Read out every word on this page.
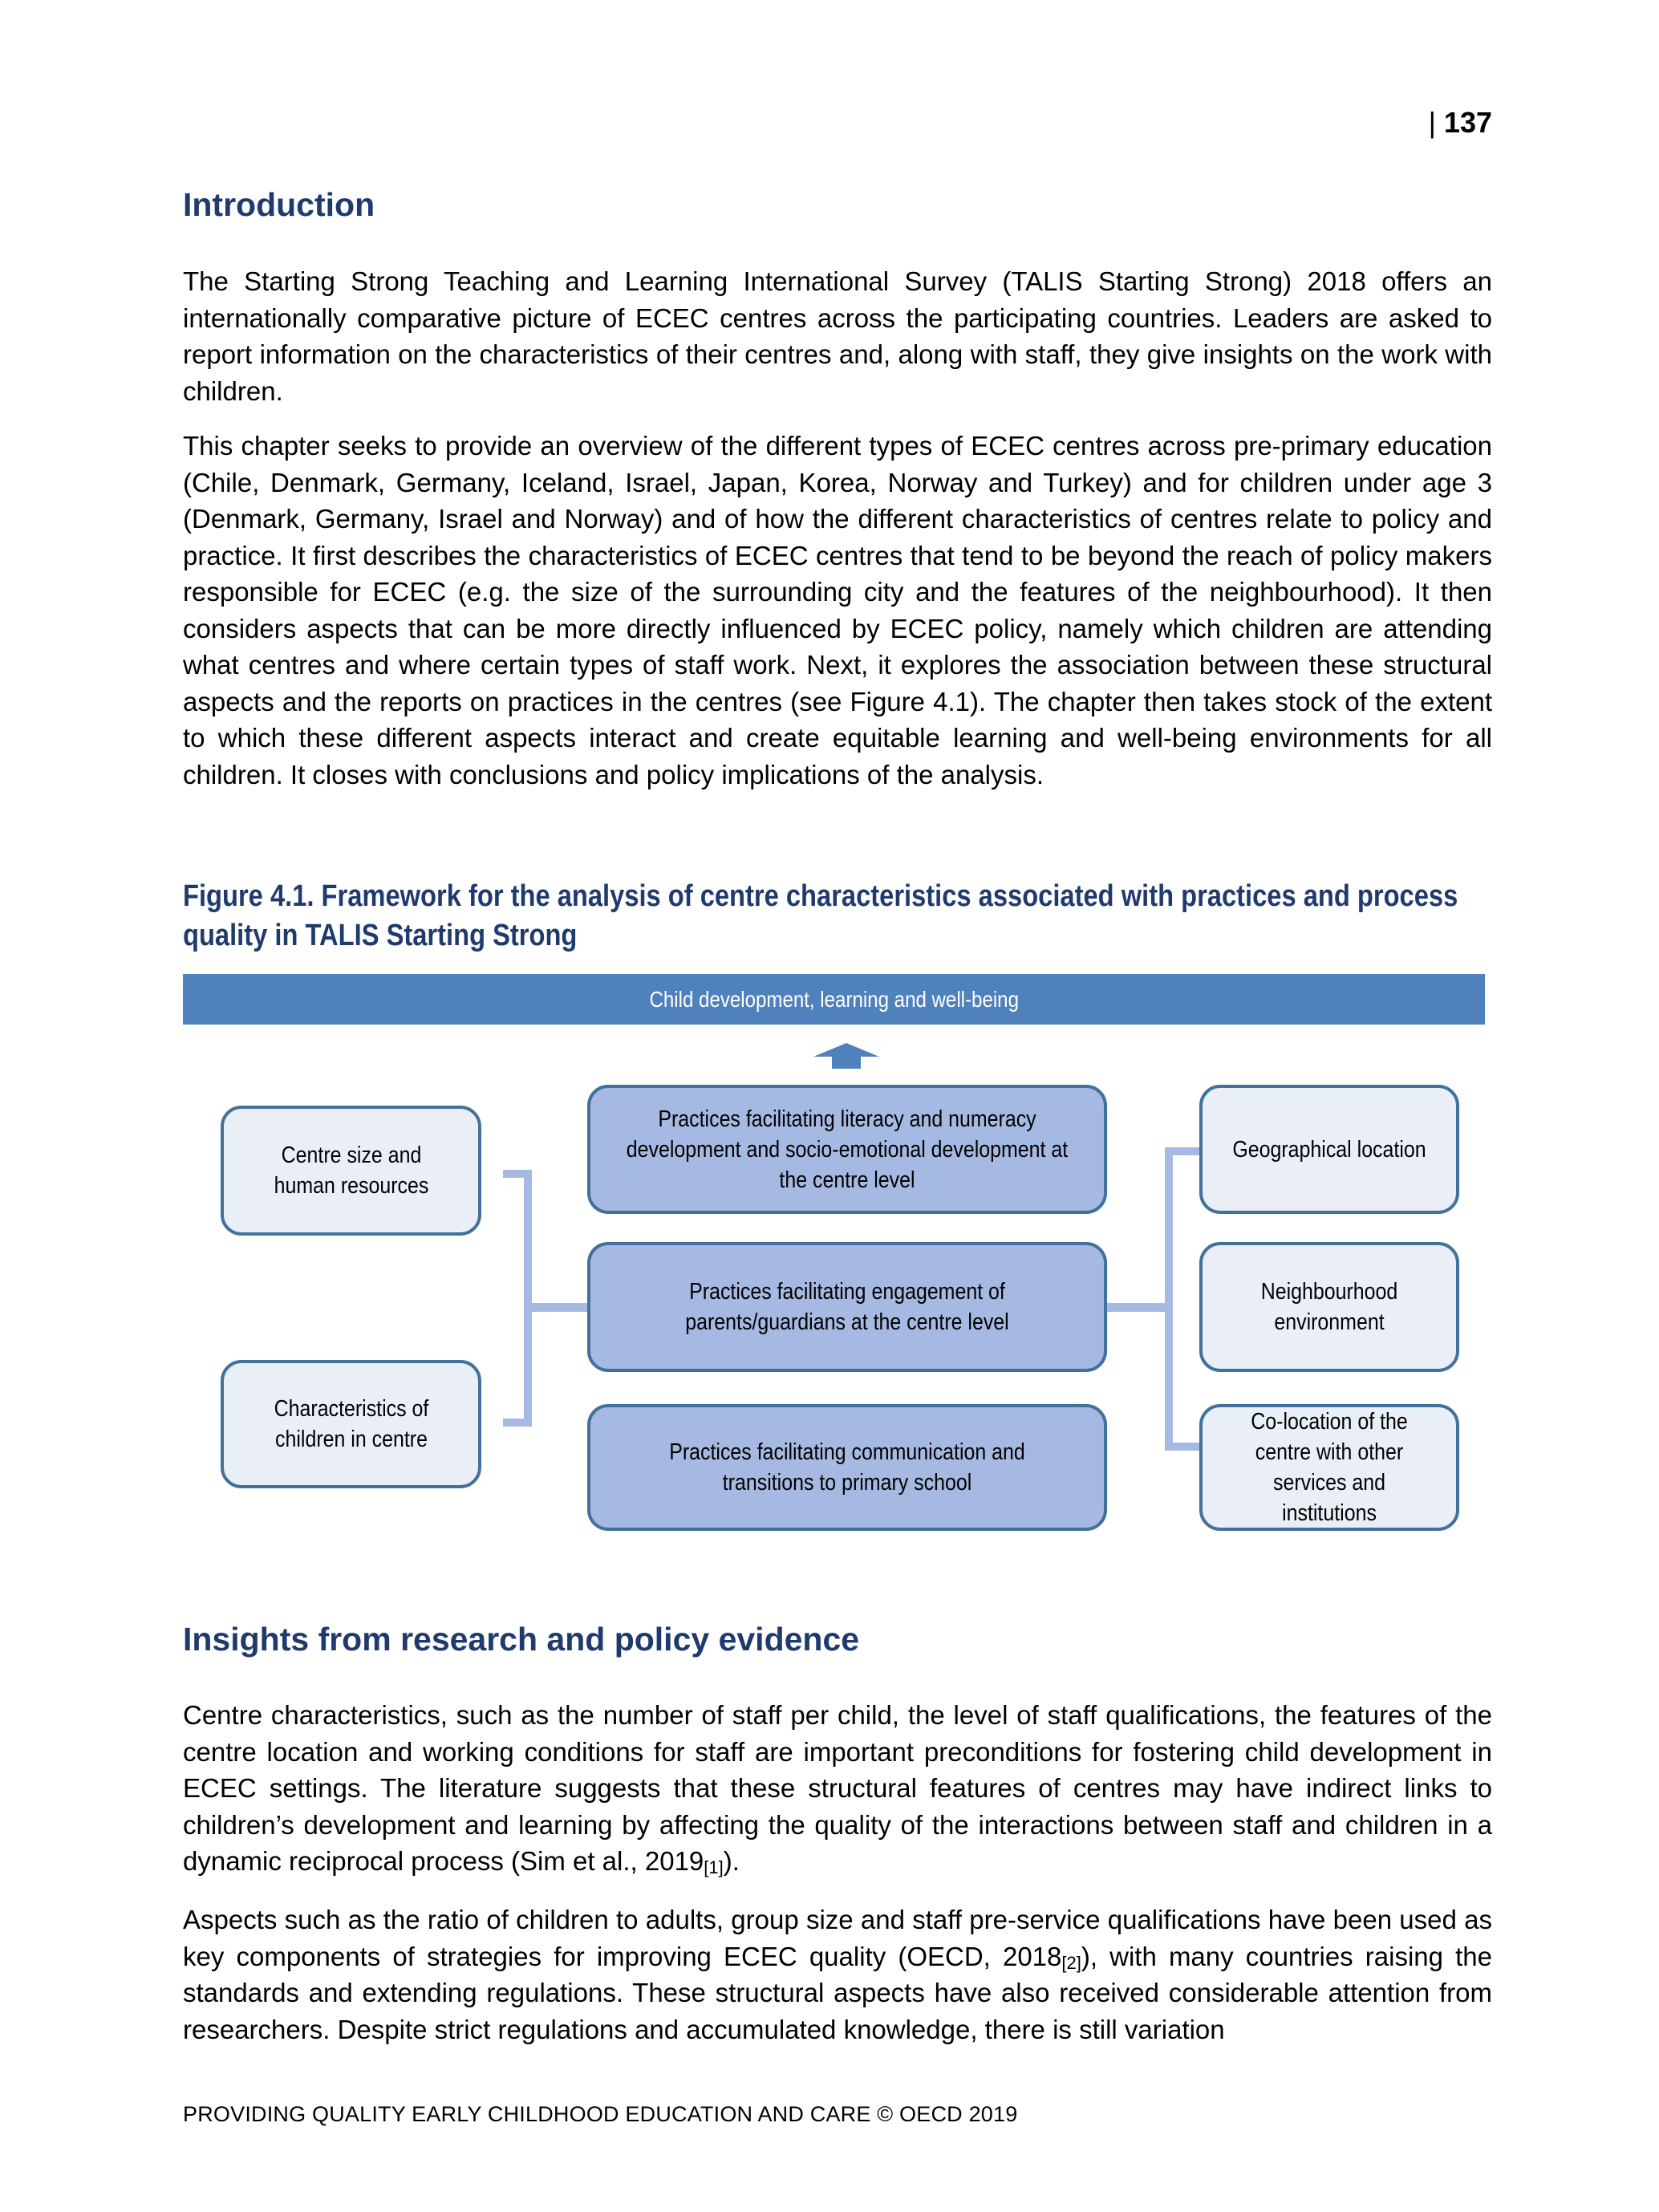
| 137
Introduction

The Starting Strong Teaching and Learning International Survey (TALIS Starting Strong) 2018 offers an internationally comparative picture of ECEC centres across the participating countries. Leaders are asked to report information on the characteristics of their centres and, along with staff, they give insights on the work with children.

This chapter seeks to provide an overview of the different types of ECEC centres across pre-primary education (Chile, Denmark, Germany, Iceland, Israel, Japan, Korea, Norway and Turkey) and for children under age 3 (Denmark, Germany, Israel and Norway) and of how the different characteristics of centres relate to policy and practice. It first describes the characteristics of ECEC centres that tend to be beyond the reach of policy makers responsible for ECEC (e.g. the size of the surrounding city and the features of the neighbourhood). It then considers aspects that can be more directly influenced by ECEC policy, namely which children are attending what centres and where certain types of staff work. Next, it explores the association between these structural aspects and the reports on practices in the centres (see Figure 4.1). The chapter then takes stock of the extent to which these different aspects interact and create equitable learning and well-being environments for all children. It closes with conclusions and policy implications of the analysis.

Figure 4.1. Framework for the analysis of centre characteristics associated with practices and process quality in TALIS Starting Strong
Child development, learning and well-being
Centre size and human resources
Characteristics of children in centre
Practices facilitating literacy and numeracy development and socio-emotional development at the centre level
Practices facilitating engagement of parents/guardians at the centre level
Practices facilitating communication and transitions to primary school
Geographical location
Neighbourhood environment
Co-location of the centre with other services and institutions
Insights from research and policy evidence

Centre characteristics, such as the number of staff per child, the level of staff qualifications, the features of the centre location and working conditions for staff are important preconditions for fostering child development in ECEC settings. The literature suggests that these structural features of centres may have indirect links to children’s development and learning by affecting the quality of the interactions between staff and children in a dynamic reciprocal process (Sim et al., $2019_{[1]}$).

Aspects such as the ratio of children to adults, group size and staff pre-service qualifications have been used as key components of strategies for improving ECEC quality (OECD, $2018_{[2]}$), with many countries raising the standards and extending regulations. These structural aspects have also received considerable attention from researchers. Despite strict regulations and accumulated knowledge, there is still variation

PROVIDING QUALITY EARLY CHILDHOOD EDUCATION AND CARE © OECD 2019
